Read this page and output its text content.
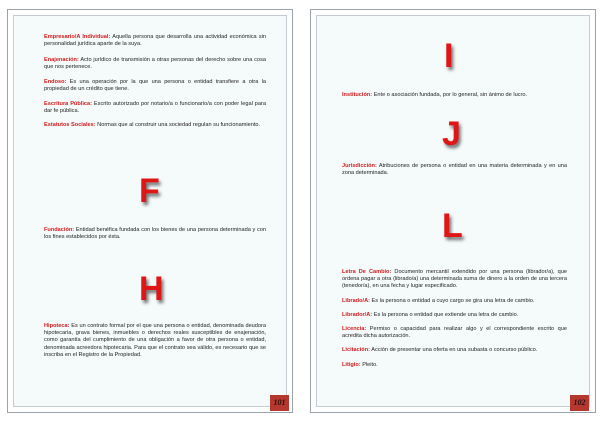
Empresario/A Individual: Aquella persona que desarrolla una actividad económica sin personalidad jurídica aparte de la suya.
Enajenación: Acto jurídico de transmisión a otras personas del derecho sobre una cosa que nos pertenece.
Endoso: Es una operación por la que una persona o entidad transfiere a otra la propiedad de un crédito que tiene.
Escritura Pública: Escrito autorizado por notario/a o funcionario/a con poder legal para dar fe pública.
Estatutos Sociales: Normas que al construir una sociedad regulan su funcionamiento.
F
Fundación: Entidad benéfica fundada con los bienes de una persona determinada y con los fines establecidos por ésta.
H
Hipoteca: Es un contrato formal por el que una persona o entidad, denominada deudora hipotecaria, grava bienes, inmuebles o derechos reales susceptibles de enajenación, como garantía del cumplimiento de una obligación a favor de otra persona o entidad, denominada acreedora hipotecaria. Para que el contrato sea válido, es necesario que se inscriba en el Registro de la Propiedad.
101
I
Institución: Ente o asociación fundada, por lo general, sin ánimo de lucro.
J
Jurisdicción: Atribuciones de persona o entidad en una materia determinada y en una zona determinada.
L
Letra De Cambio: Documento mercantil extendido por una persona (librador/a), que ordena pagar a otra (librado/a) una determinada suma de dinero a la orden de una tercera (tenedor/a), en una fecha y lugar especificado.
Librado/A: Es la persona o entidad a cuyo cargo se gira una letra de cambio.
Librador/A: Es la persona o entidad que extiende una letra de cambio.
Licencia: Permiso o capacidad para realizar algo y el correspondiente escrito que acredita dicha autorización.
Licitación: Acción de presentar una oferta en una subasta o concurso público.
Litigio: Pleito.
102
